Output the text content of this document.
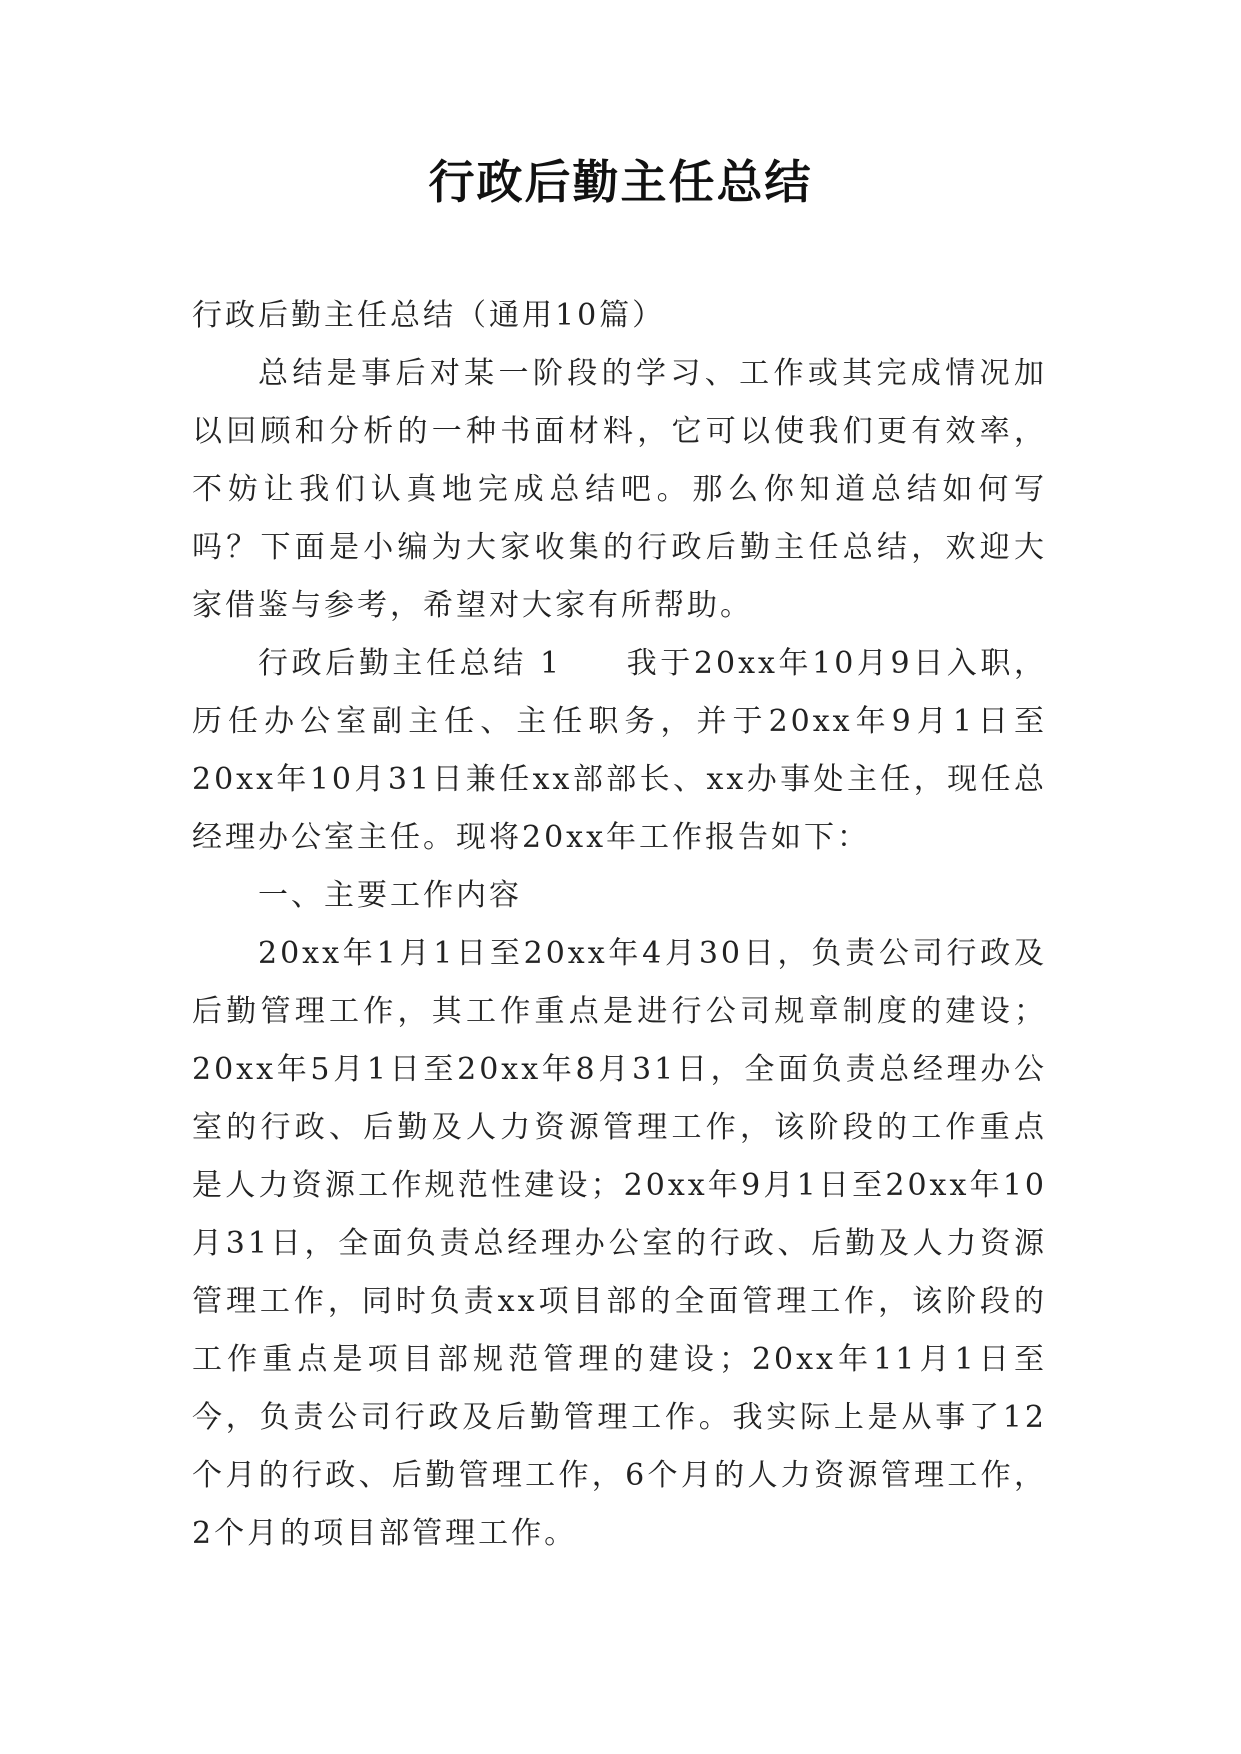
行政后勤主任总结

行政后勤主任总结（通用10篇）

总结是事后对某一阶段的学习、工作或其完成情况加以回顾和分析的一种书面材料，它可以使我们更有效率，不妨让我们认真地完成总结吧。那么你知道总结如何写吗？下面是小编为大家收集的行政后勤主任总结，欢迎大家借鉴与参考，希望对大家有所帮助。

行政后勤主任总结 1 我于20xx年10月9日入职，历任办公室副主任、主任职务，并于20xx年9月1日至20xx年10月31日兼任xx部部长、xx办事处主任，现任总经理办公室主任。现将20xx年工作报告如下：

一、主要工作内容

20xx年1月1日至20xx年4月30日，负责公司行政及后勤管理工作，其工作重点是进行公司规章制度的建设；20xx年5月1日至20xx年8月31日，全面负责总经理办公室的行政、后勤及人力资源管理工作，该阶段的工作重点是人力资源工作规范性建设；20xx年9月1日至20xx年10月31日，全面负责总经理办公室的行政、后勤及人力资源管理工作，同时负责xx项目部的全面管理工作，该阶段的工作重点是项目部规范管理的建设；20xx年11月1日至今，负责公司行政及后勤管理工作。我实际上是从事了12个月的行政、后勤管理工作，6个月的人力资源管理工作，2个月的项目部管理工作。
